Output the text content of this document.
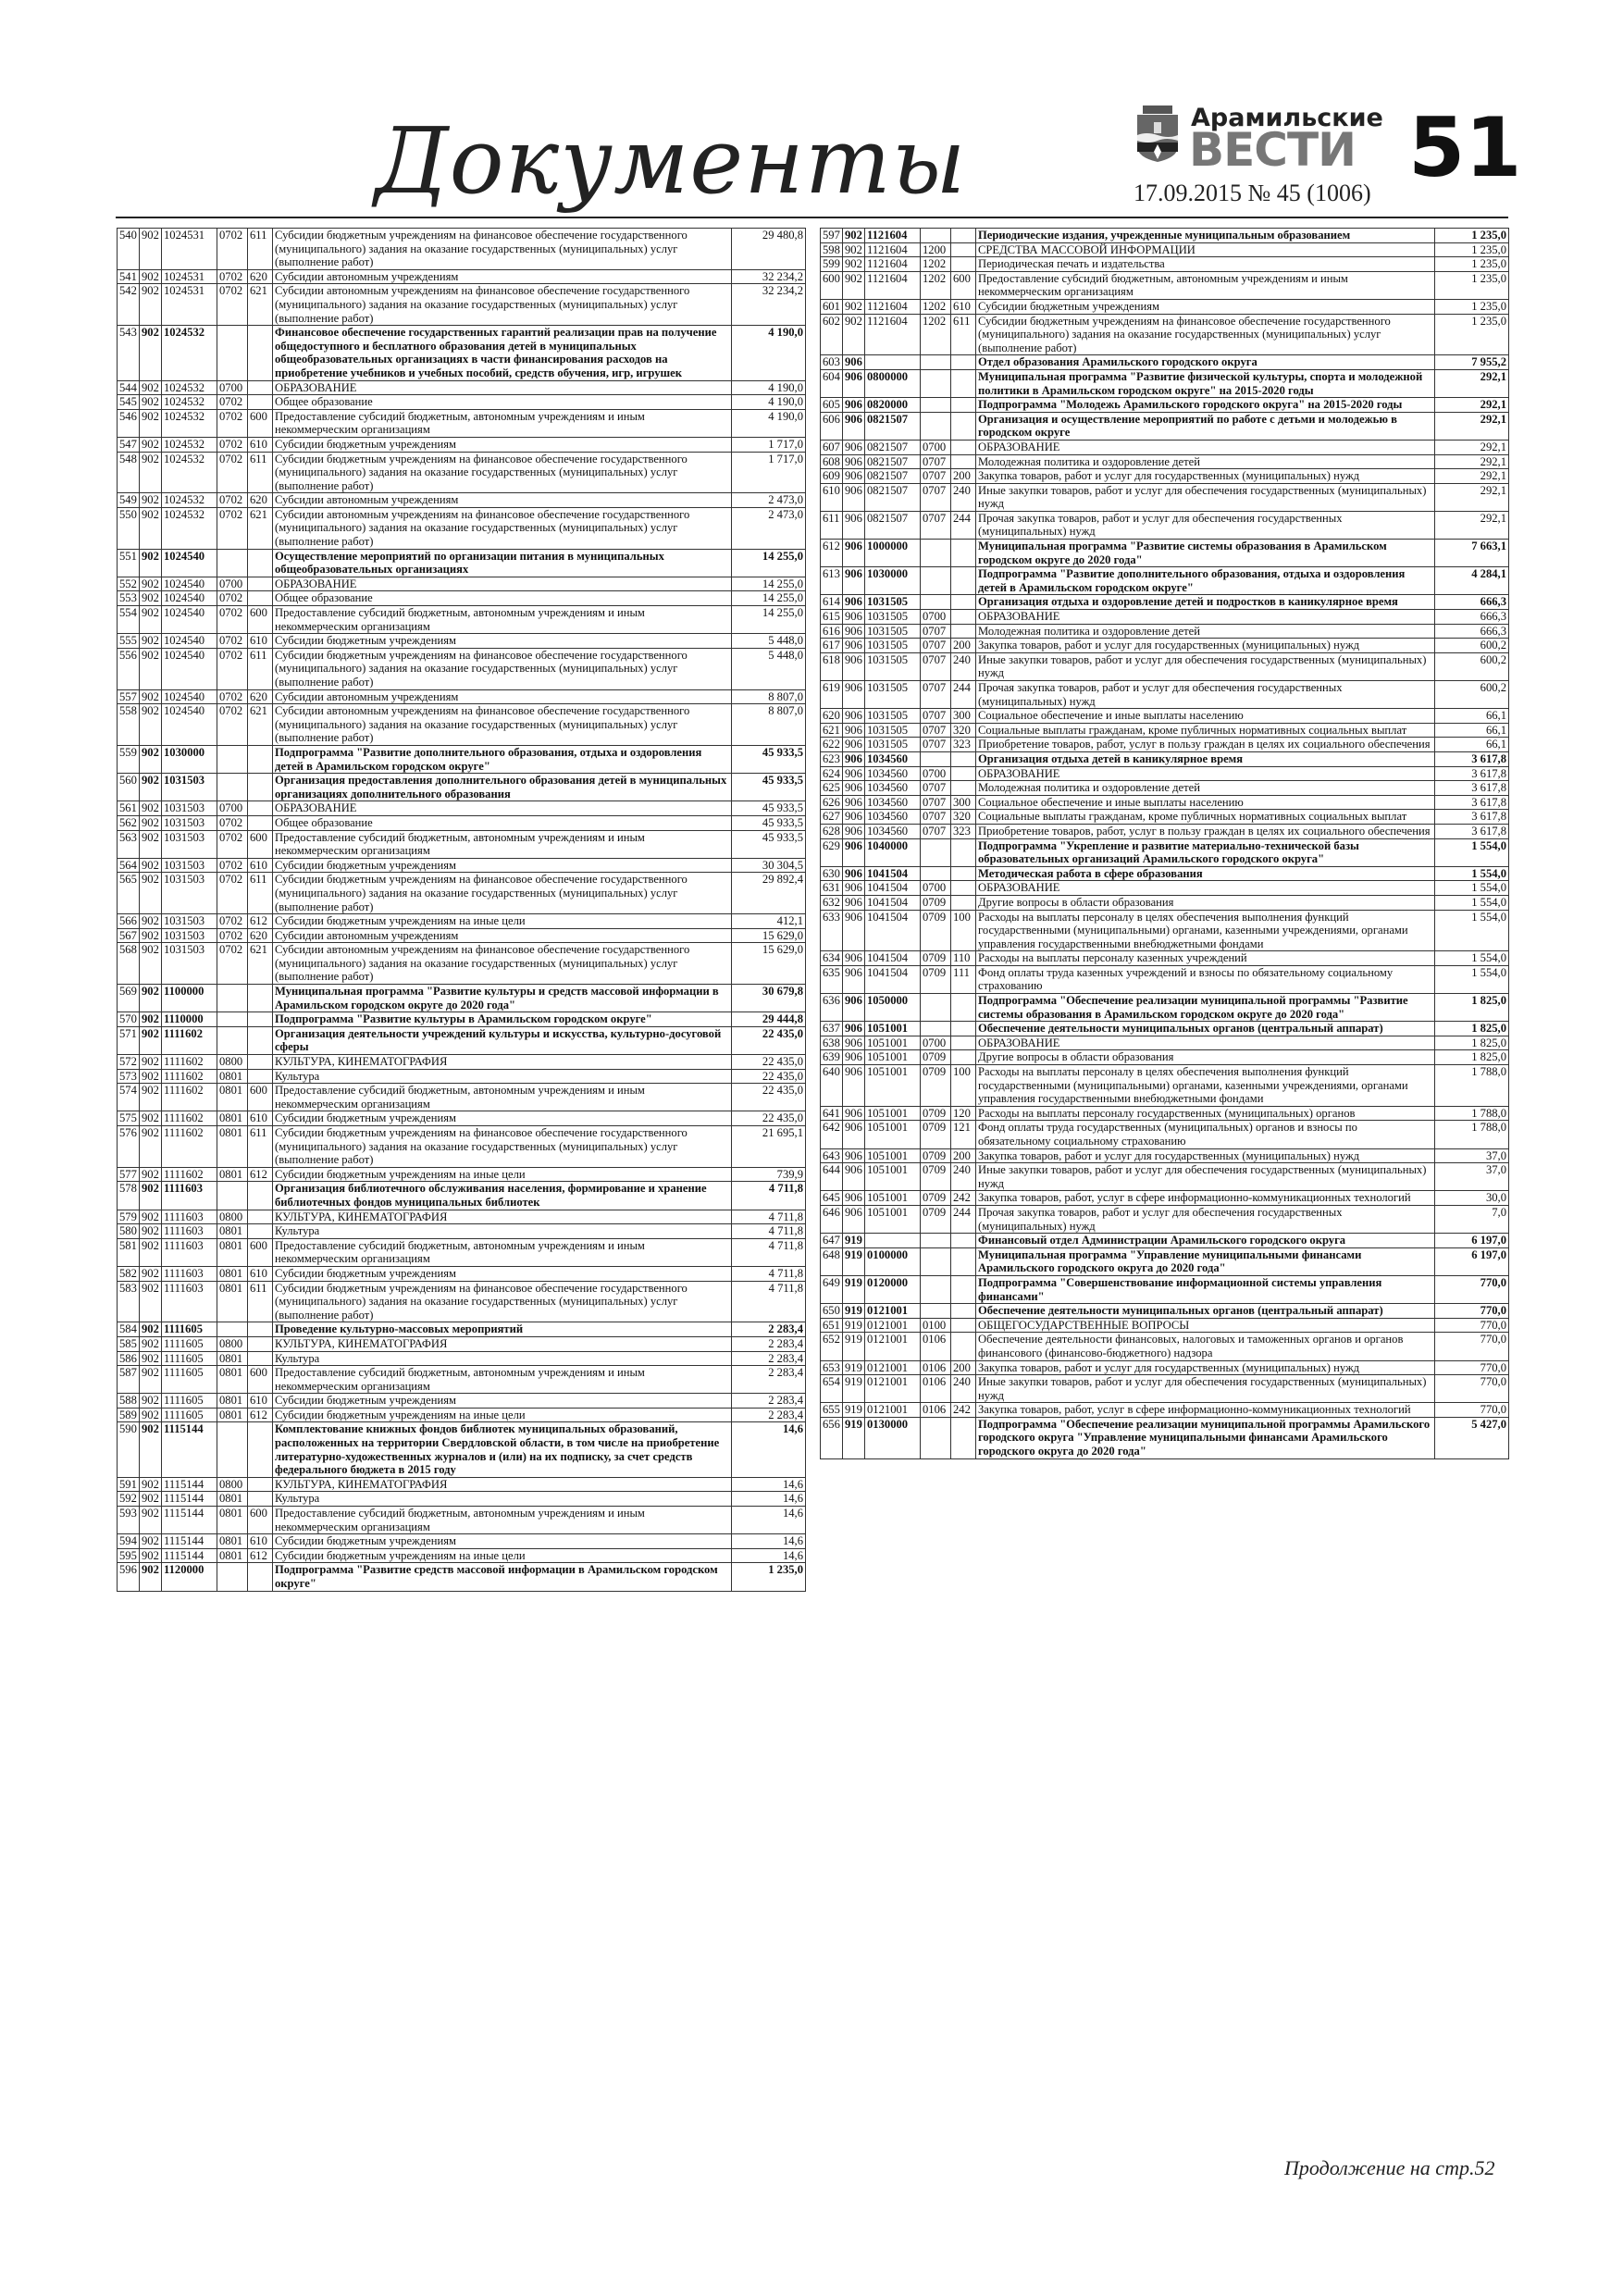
Документы	Арамильские
ВЕСТИ
17.09.2015 № 45 (1006) 51
540	902	1024531	0702	611	Субсидии бюджетным учреждениям на финансовое обеспечение государственного (муниципального) задания на оказание государственных (муниципальных) услуг (выполнение работ)	29 480,8
541	902	1024531	0702	620	Субсидии автономным учреждениям	32 234,2
542	902	1024531	0702	621	Субсидии автономным учреждениям на финансовое обеспечение государственного (муниципального) задания на оказание государственных (муниципальных) услуг (выполнение работ)	32 234,2
543	902	1024532			Финансовое обеспечение государственных гарантий реализации прав на получение общедоступного и бесплатного образования детей в муниципальных общеобразовательных организациях в части финансирования расходов на приобретение учебников и учебных пособий, средств обучения, игр, игрушек	4 190,0
544	902	1024532	0700		ОБРАЗОВАНИЕ	4 190,0
545	902	1024532	0702		Общее образование	4 190,0
546	902	1024532	0702	600	Предоставление субсидий бюджетным, автономным учреждениям и иным некоммерческим организациям	4 190,0
547	902	1024532	0702	610	Субсидии бюджетным учреждениям	1 717,0
548	902	1024532	0702	611	Субсидии бюджетным учреждениям на финансовое обеспечение государственного (муниципального) задания на оказание государственных (муниципальных) услуг (выполнение работ)	1 717,0
549	902	1024532	0702	620	Субсидии автономным учреждениям	2 473,0
550	902	1024532	0702	621	Субсидии автономным учреждениям на финансовое обеспечение государственного (муниципального) задания на оказание государственных (муниципальных) услуг (выполнение работ)	2 473,0
551	902	1024540			Осуществление мероприятий по организации питания в муниципальных общеобразовательных организациях	14 255,0
552	902	1024540	0700		ОБРАЗОВАНИЕ	14 255,0
553	902	1024540	0702		Общее образование	14 255,0
554	902	1024540	0702	600	Предоставление субсидий бюджетным, автономным учреждениям и иным некоммерческим организациям	14 255,0
555	902	1024540	0702	610	Субсидии бюджетным учреждениям	5 448,0
556	902	1024540	0702	611	Субсидии бюджетным учреждениям на финансовое обеспечение государственного (муниципального) задания на оказание государственных (муниципальных) услуг (выполнение работ)	5 448,0
557	902	1024540	0702	620	Субсидии автономным учреждениям	8 807,0
558	902	1024540	0702	621	Субсидии автономным учреждениям на финансовое обеспечение государственного (муниципального) задания на оказание государственных (муниципальных) услуг (выполнение работ)	8 807,0
559	902	1030000			Подпрограмма "Развитие дополнительного образования, отдыха и оздоровления детей в Арамильском городском округе"	45 933,5
560	902	1031503			Организация предоставления дополнительного образования детей в муниципальных организациях дополнительного образования	45 933,5
561	902	1031503	0700		ОБРАЗОВАНИЕ	45 933,5
562	902	1031503	0702		Общее образование	45 933,5
563	902	1031503	0702	600	Предоставление субсидий бюджетным, автономным учреждениям и иным некоммерческим организациям	45 933,5
564	902	1031503	0702	610	Субсидии бюджетным учреждениям	30 304,5
565	902	1031503	0702	611	Субсидии бюджетным учреждениям на финансовое обеспечение государственного (муниципального) задания на оказание государственных (муниципальных) услуг (выполнение работ)	29 892,4
566	902	1031503	0702	612	Субсидии бюджетным учреждениям на иные цели	412,1
567	902	1031503	0702	620	Субсидии автономным учреждениям	15 629,0
568	902	1031503	0702	621	Субсидии автономным учреждениям на финансовое обеспечение государственного (муниципального) задания на оказание государственных (муниципальных) услуг (выполнение работ)	15 629,0
569	902	1100000			Муниципальная программа "Развитие культуры и средств массовой информации в Арамильском городском округе до 2020 года"	30 679,8
570	902	1110000			Подпрограмма "Развитие культуры в Арамильском городском округе"	29 444,8
571	902	1111602			Организация деятельности учреждений культуры и искусства, культурно-досуговой сферы	22 435,0
572	902	1111602	0800		КУЛЬТУРА, КИНЕМАТОГРАФИЯ	22 435,0
573	902	1111602	0801		Культура	22 435,0
574	902	1111602	0801	600	Предоставление субсидий бюджетным, автономным учреждениям и иным некоммерческим организациям	22 435,0
575	902	1111602	0801	610	Субсидии бюджетным учреждениям	22 435,0
576	902	1111602	0801	611	Субсидии бюджетным учреждениям на финансовое обеспечение государственного (муниципального) задания на оказание государственных (муниципальных) услуг (выполнение работ)	21 695,1
577	902	1111602	0801	612	Субсидии бюджетным учреждениям на иные цели	739,9
578	902	1111603			Организация библиотечного обслуживания населения, формирование и хранение библиотечных фондов муниципальных библиотек	4 711,8
579	902	1111603	0800		КУЛЬТУРА, КИНЕМАТОГРАФИЯ	4 711,8
580	902	1111603	0801		Культура	4 711,8
581	902	1111603	0801	600	Предоставление субсидий бюджетным, автономным учреждениям и иным некоммерческим организациям	4 711,8
582	902	1111603	0801	610	Субсидии бюджетным учреждениям	4 711,8
583	902	1111603	0801	611	Субсидии бюджетным учреждениям на финансовое обеспечение государственного (муниципального) задания на оказание государственных (муниципальных) услуг (выполнение работ)	4 711,8
584	902	1111605			Проведение культурно-массовых мероприятий	2 283,4
585	902	1111605	0800		КУЛЬТУРА, КИНЕМАТОГРАФИЯ	2 283,4
586	902	1111605	0801		Культура	2 283,4
587	902	1111605	0801	600	Предоставление субсидий бюджетным, автономным учреждениям и иным некоммерческим организациям	2 283,4
588	902	1111605	0801	610	Субсидии бюджетным учреждениям	2 283,4
589	902	1111605	0801	612	Субсидии бюджетным учреждениям на иные цели	2 283,4
590	902	1115144			Комплектование книжных фондов библиотек муниципальных образований, расположенных на территории Свердловской области, в том числе на приобретение литературно-художественных журналов и (или) на их подписку, за счет средств федерального бюджета в 2015 году	14,6
591	902	1115144	0800		КУЛЬТУРА, КИНЕМАТОГРАФИЯ	14,6
592	902	1115144	0801		Культура	14,6
593	902	1115144	0801	600	Предоставление субсидий бюджетным, автономным учреждениям и иным некоммерческим организациям	14,6
594	902	1115144	0801	610	Субсидии бюджетным учреждениям	14,6
595	902	1115144	0801	612	Субсидии бюджетным учреждениям на иные цели	14,6
596	902	1120000			Подпрограмма "Развитие средств массовой информации в Арамильском городском округе"	1 235,0
597	902	1121604			Периодические издания, учрежденные муниципальным образованием	1 235,0
598	902	1121604	1200		СРЕДСТВА МАССОВОЙ ИНФОРМАЦИИ	1 235,0
599	902	1121604	1202		Периодическая печать и издательства	1 235,0
600	902	1121604	1202	600	Предоставление субсидий бюджетным, автономным учреждениям и иным некоммерческим организациям	1 235,0
601	902	1121604	1202	610	Субсидии бюджетным учреждениям	1 235,0
602	902	1121604	1202	611	Субсидии бюджетным учреждениям на финансовое обеспечение государственного (муниципального) задания на оказание государственных (муниципальных) услуг (выполнение работ)	1 235,0
603	906				Отдел образования Арамильского городского округа	7 955,2
604	906	0800000			Муниципальная программа "Развитие физической культуры, спорта и молодежной политики в Арамильском городском округе" на 2015-2020 годы	292,1
605	906	0820000			Подпрограмма "Молодежь Арамильского городского округа" на 2015-2020 годы	292,1
606	906	0821507			Организация и осуществление мероприятий по работе с детьми и молодежью в городском округе	292,1
607	906	0821507	0700		ОБРАЗОВАНИЕ	292,1
608	906	0821507	0707		Молодежная политика и оздоровление детей	292,1
609	906	0821507	0707	200	Закупка товаров, работ и услуг для государственных (муниципальных) нужд	292,1
610	906	0821507	0707	240	Иные закупки товаров, работ и услуг для обеспечения государственных (муниципальных) нужд	292,1
611	906	0821507	0707	244	Прочая закупка товаров, работ и услуг для обеспечения государственных (муниципальных) нужд	292,1
612	906	1000000			Муниципальная программа "Развитие системы образования в Арамильском городском округе до 2020 года"	7 663,1
613	906	1030000			Подпрограмма "Развитие дополнительного образования, отдыха и оздоровления детей в Арамильском городском округе"	4 284,1
614	906	1031505			Организация отдыха и оздоровление детей и подростков в каникулярное время	666,3
615	906	1031505	0700		ОБРАЗОВАНИЕ	666,3
616	906	1031505	0707		Молодежная политика и оздоровление детей	666,3
617	906	1031505	0707	200	Закупка товаров, работ и услуг для государственных (муниципальных) нужд	600,2
618	906	1031505	0707	240	Иные закупки товаров, работ и услуг для обеспечения государственных (муниципальных) нужд	600,2
619	906	1031505	0707	244	Прочая закупка товаров, работ и услуг для обеспечения государственных (муниципальных) нужд	600,2
620	906	1031505	0707	300	Социальное обеспечение и иные выплаты населению	66,1
621	906	1031505	0707	320	Социальные выплаты гражданам, кроме публичных нормативных социальных выплат	66,1
622	906	1031505	0707	323	Приобретение товаров, работ, услуг в пользу граждан в целях их социального обеспечения	66,1
623	906	1034560			Организация отдыха детей в каникулярное время	3 617,8
624	906	1034560	0700		ОБРАЗОВАНИЕ	3 617,8
625	906	1034560	0707		Молодежная политика и оздоровление детей	3 617,8
626	906	1034560	0707	300	Социальное обеспечение и иные выплаты населению	3 617,8
627	906	1034560	0707	320	Социальные выплаты гражданам, кроме публичных нормативных социальных выплат	3 617,8
628	906	1034560	0707	323	Приобретение товаров, работ, услуг в пользу граждан в целях их социального обеспечения	3 617,8
629	906	1040000			Подпрограмма "Укрепление и развитие материально-технической базы образовательных организаций Арамильского городского округа"	1 554,0
630	906	1041504			Методическая работа в сфере образования	1 554,0
631	906	1041504	0700		ОБРАЗОВАНИЕ	1 554,0
632	906	1041504	0709		Другие вопросы в области образования	1 554,0
633	906	1041504	0709	100	Расходы на выплаты персоналу в целях обеспечения выполнения функций государственными (муниципальными) органами, казенными учреждениями, органами управления государственными внебюджетными фондами	1 554,0
634	906	1041504	0709	110	Расходы на выплаты персоналу казенных учреждений	1 554,0
635	906	1041504	0709	111	Фонд оплаты труда казенных учреждений и взносы по обязательному социальному страхованию	1 554,0
636	906	1050000			Подпрограмма "Обеспечение реализации муниципальной программы "Развитие системы образования в Арамильском городском округе до 2020 года"	1 825,0
637	906	1051001			Обеспечение деятельности муниципальных органов (центральный аппарат)	1 825,0
638	906	1051001	0700		ОБРАЗОВАНИЕ	1 825,0
639	906	1051001	0709		Другие вопросы в области образования	1 825,0
640	906	1051001	0709	100	Расходы на выплаты персоналу в целях обеспечения выполнения функций государственными (муниципальными) органами, казенными учреждениями, органами управления государственными внебюджетными фондами	1 788,0
641	906	1051001	0709	120	Расходы на выплаты персоналу государственных (муниципальных) органов	1 788,0
642	906	1051001	0709	121	Фонд оплаты труда государственных (муниципальных) органов и взносы по обязательному социальному страхованию	1 788,0
643	906	1051001	0709	200	Закупка товаров, работ и услуг для государственных (муниципальных) нужд	37,0
644	906	1051001	0709	240	Иные закупки товаров, работ и услуг для обеспечения государственных (муниципальных) нужд	37,0
645	906	1051001	0709	242	Закупка товаров, работ, услуг в сфере информационно-коммуникационных технологий	30,0
646	906	1051001	0709	244	Прочая закупка товаров, работ и услуг для обеспечения государственных (муниципальных) нужд	7,0
647	919				Финансовый отдел Администрации Арамильского городского округа	6 197,0
648	919	0100000			Муниципальная программа "Управление муниципальными финансами Арамильского городского округа до 2020 года"	6 197,0
649	919	0120000			Подпрограмма "Совершенствование информационной системы управления финансами"	770,0
650	919	0121001			Обеспечение деятельности муниципальных органов (центральный аппарат)	770,0
651	919	0121001	0100		ОБЩЕГОСУДАРСТВЕННЫЕ ВОПРОСЫ	770,0
652	919	0121001	0106		Обеспечение деятельности финансовых, налоговых и таможенных органов и органов финансового (финансово-бюджетного) надзора	770,0
653	919	0121001	0106	200	Закупка товаров, работ и услуг для государственных (муниципальных) нужд	770,0
654	919	0121001	0106	240	Иные закупки товаров, работ и услуг для обеспечения государственных (муниципальных) нужд	770,0
655	919	0121001	0106	242	Закупка товаров, работ, услуг в сфере информационно-коммуникационных технологий	770,0
656	919	0130000			Подпрограмма "Обеспечение реализации муниципальной программы Арамильского городского округа "Управление муниципальными финансами Арамильского городского округа до 2020 года"	5 427,0
Продолжение на стр.52
